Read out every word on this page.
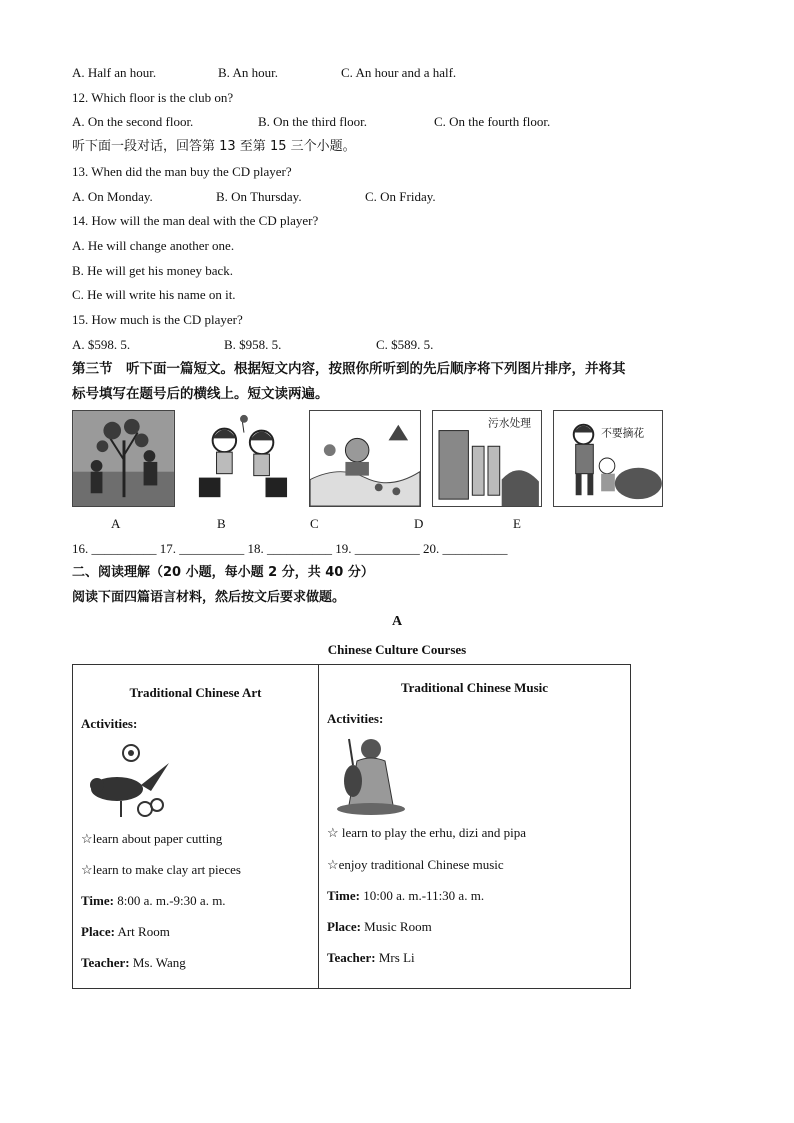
A. Half an hour.	B. An hour.	C. An hour and a half.
12. Which floor is the club on?
A. On the second floor.	B. On the third floor.	C. On the fourth floor.
听下面一段对话，回答第 13 至第 15 三个小题。
13. When did the man buy the CD player?
A. On Monday.	B. On Thursday.	C. On Friday.
14. How will the man deal with the CD player?
A. He will change another one.
B. He will get his money back.
C. He will write his name on it.
15. How much is the CD player?
A. $598. 5.	B. $958. 5.	C. $589. 5.
第三节　听下面一篇短文。根据短文内容，按照你所听到的先后顺序将下列图片排序，并将其
标号填写在题号后的横线上。短文读两遍。
污水处理
不要摘花
A	B	C	D	E
16. __________ 17. __________ 18. __________ 19. __________ 20. __________
二、阅读理解（20 小题，每小题 2 分，共 40 分）
阅读下面四篇语言材料，然后按文后要求做题。
A
Chinese Culture Courses
Traditional Chinese Art
Activities:
☆learn about paper cutting
☆learn to make clay art pieces
Time: 8:00 a. m.-9:30 a. m.
Place: Art Room
Teacher: Ms. Wang

Traditional Chinese Music
Activities:
☆ learn to play the erhu, dizi and pipa
☆enjoy traditional Chinese music
Time: 10:00 a. m.-11:30 a. m.
Place: Music Room
Teacher: Mrs Li
